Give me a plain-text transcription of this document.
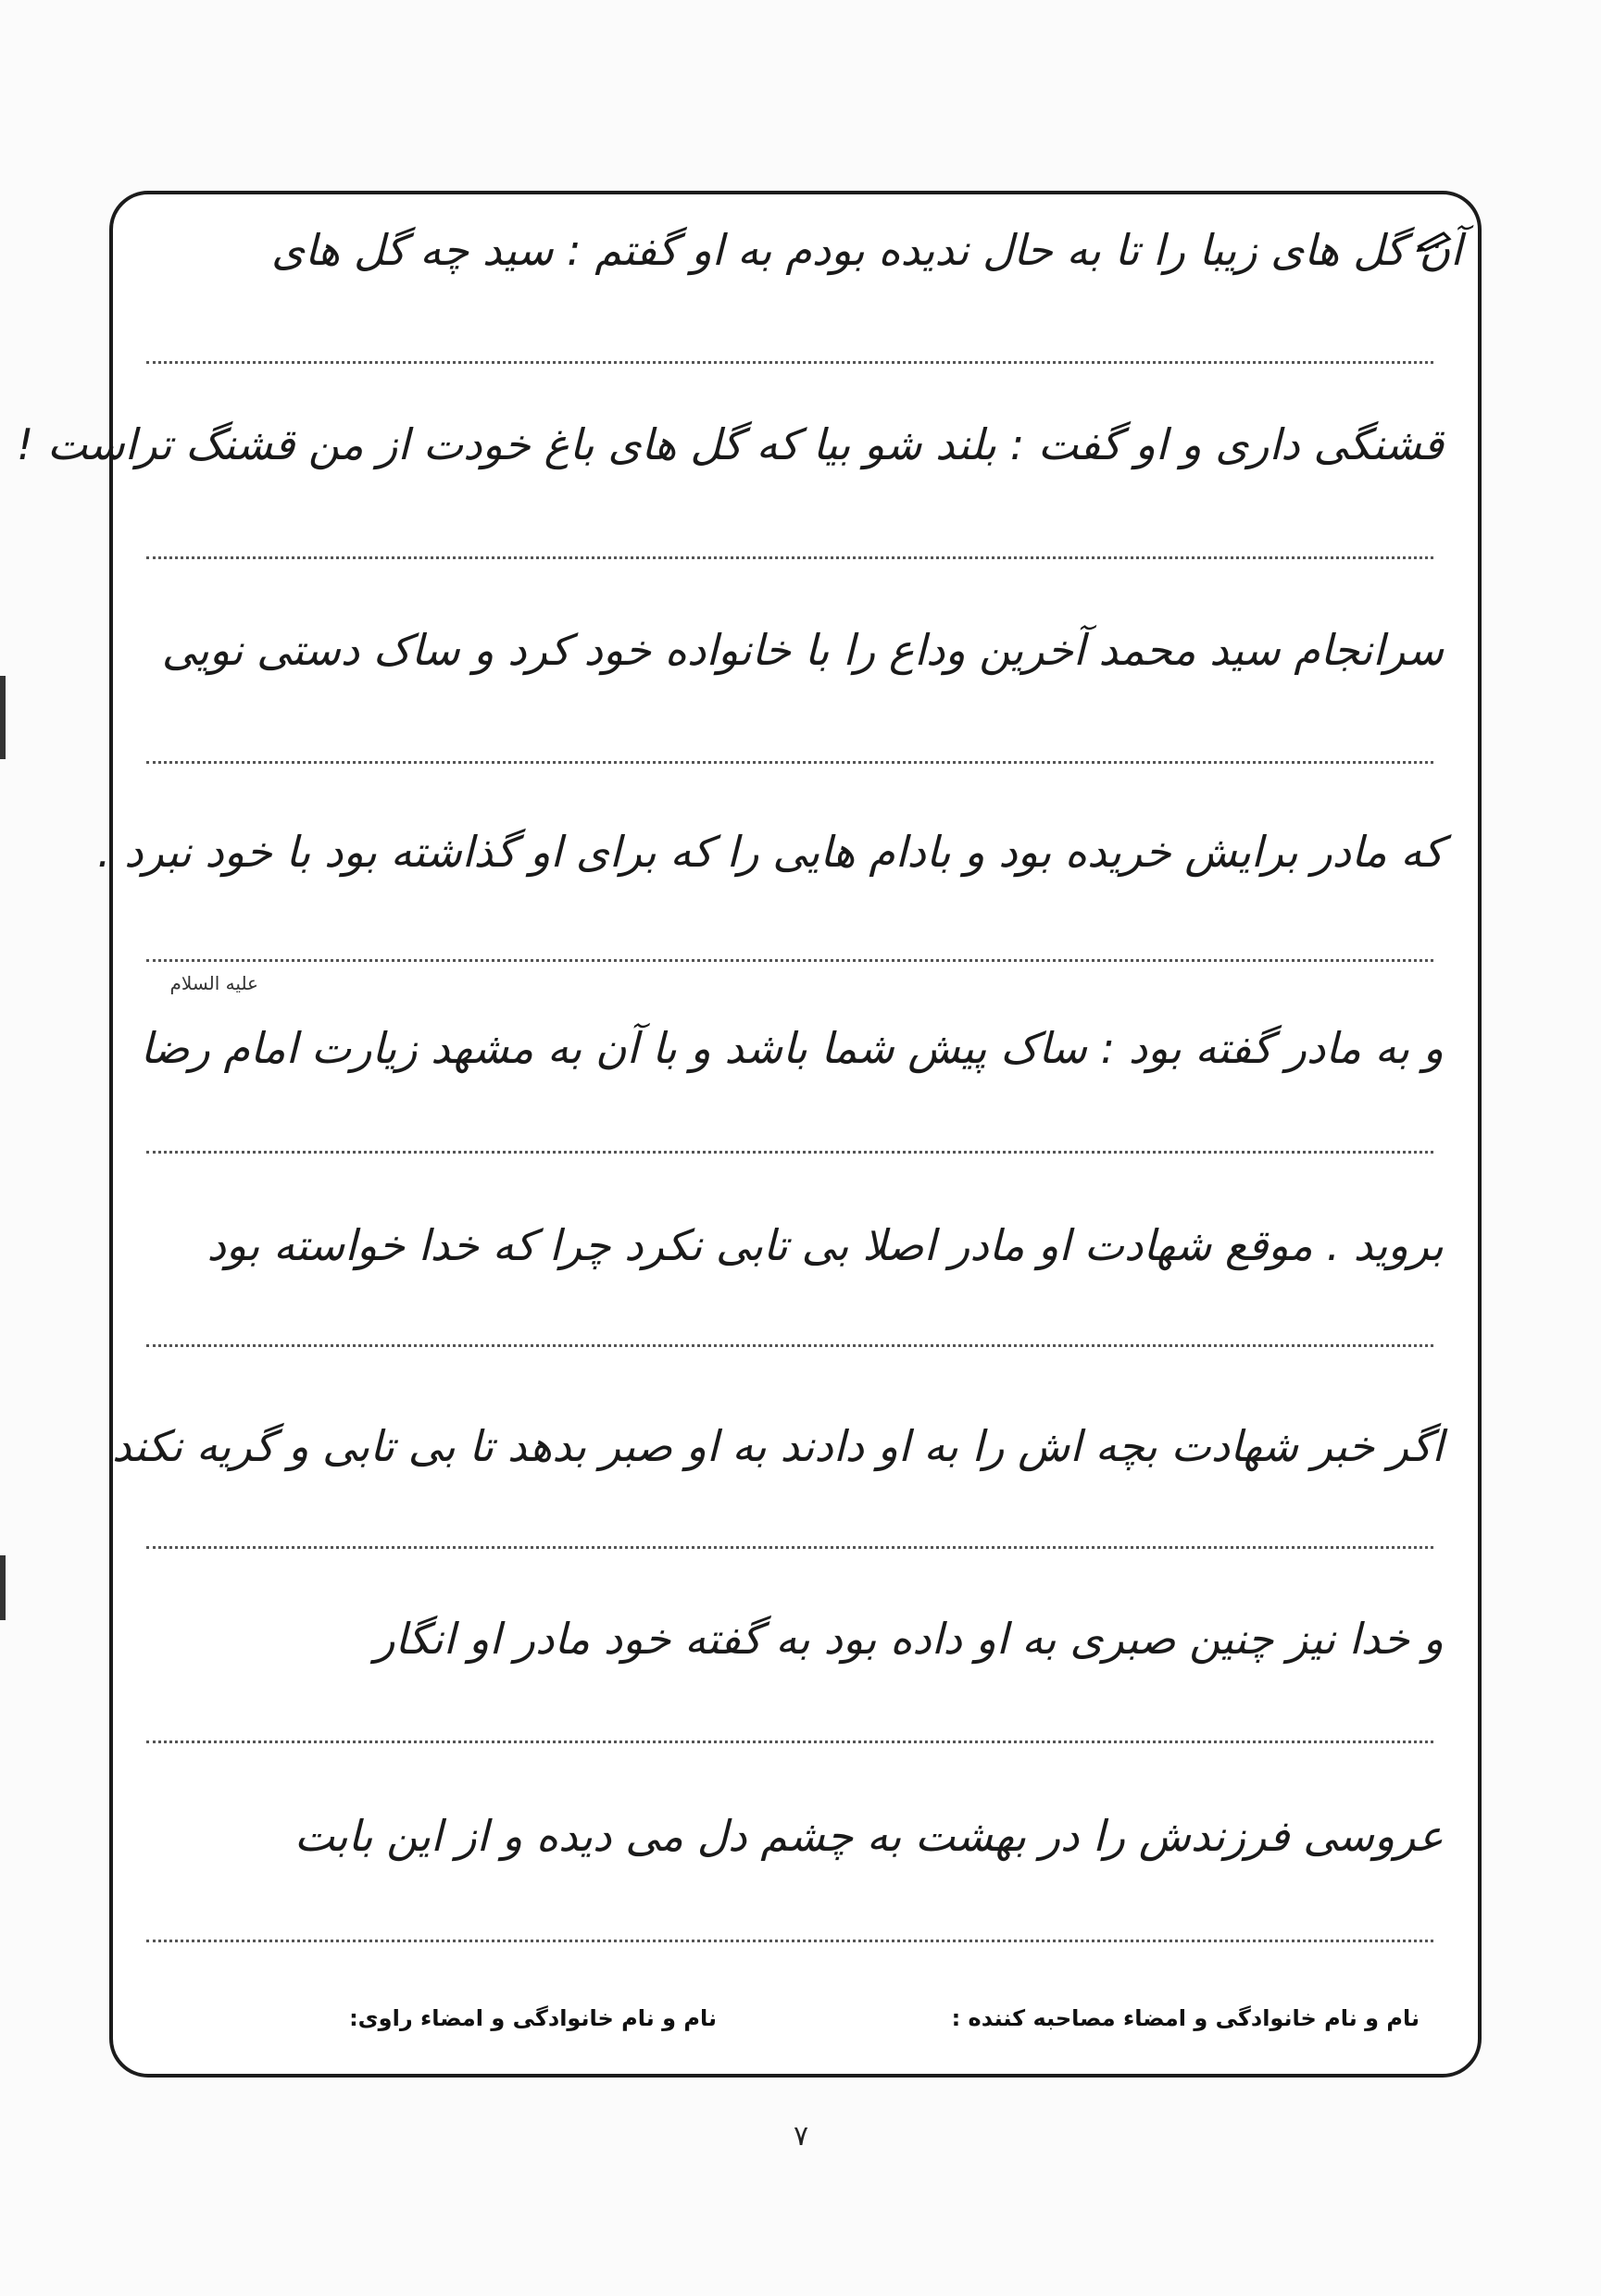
آن گل های زیبا را تا به حال ندیده بودم به او گفتم : سید چه گل های
قشنگی داری و او گفت : بلند شو بیا که گل های باغ خودت از من قشنگ تراست !
سرانجام سید محمد آخرین وداع را با خانواده خود کرد و ساک دستی نویی
که مادر برایش خریده بود و بادام هایی را که برای او گذاشته بود با خود نبرد .
علیه السلام
و به مادر گفته بود : ساک پیش شما باشد و با آن به مشهد زیارت امام رضا
بروید . موقع شهادت او مادر اصلا بی تابی نکرد چرا که خدا خواسته بود
اگر خبر شهادت بچه اش را به او دادند به او صبر بدهد تا بی تابی و گریه نکند
و خدا نیز چنین صبری به او داده بود به گفته خود مادر او انگار
عروسی فرزندش را در بهشت به چشم دل می دیده و از این بابت
نام و نام خانوادگی و امضاء مصاحبه کننده :
نام و نام خانوادگی و امضاء راوی:
۷
